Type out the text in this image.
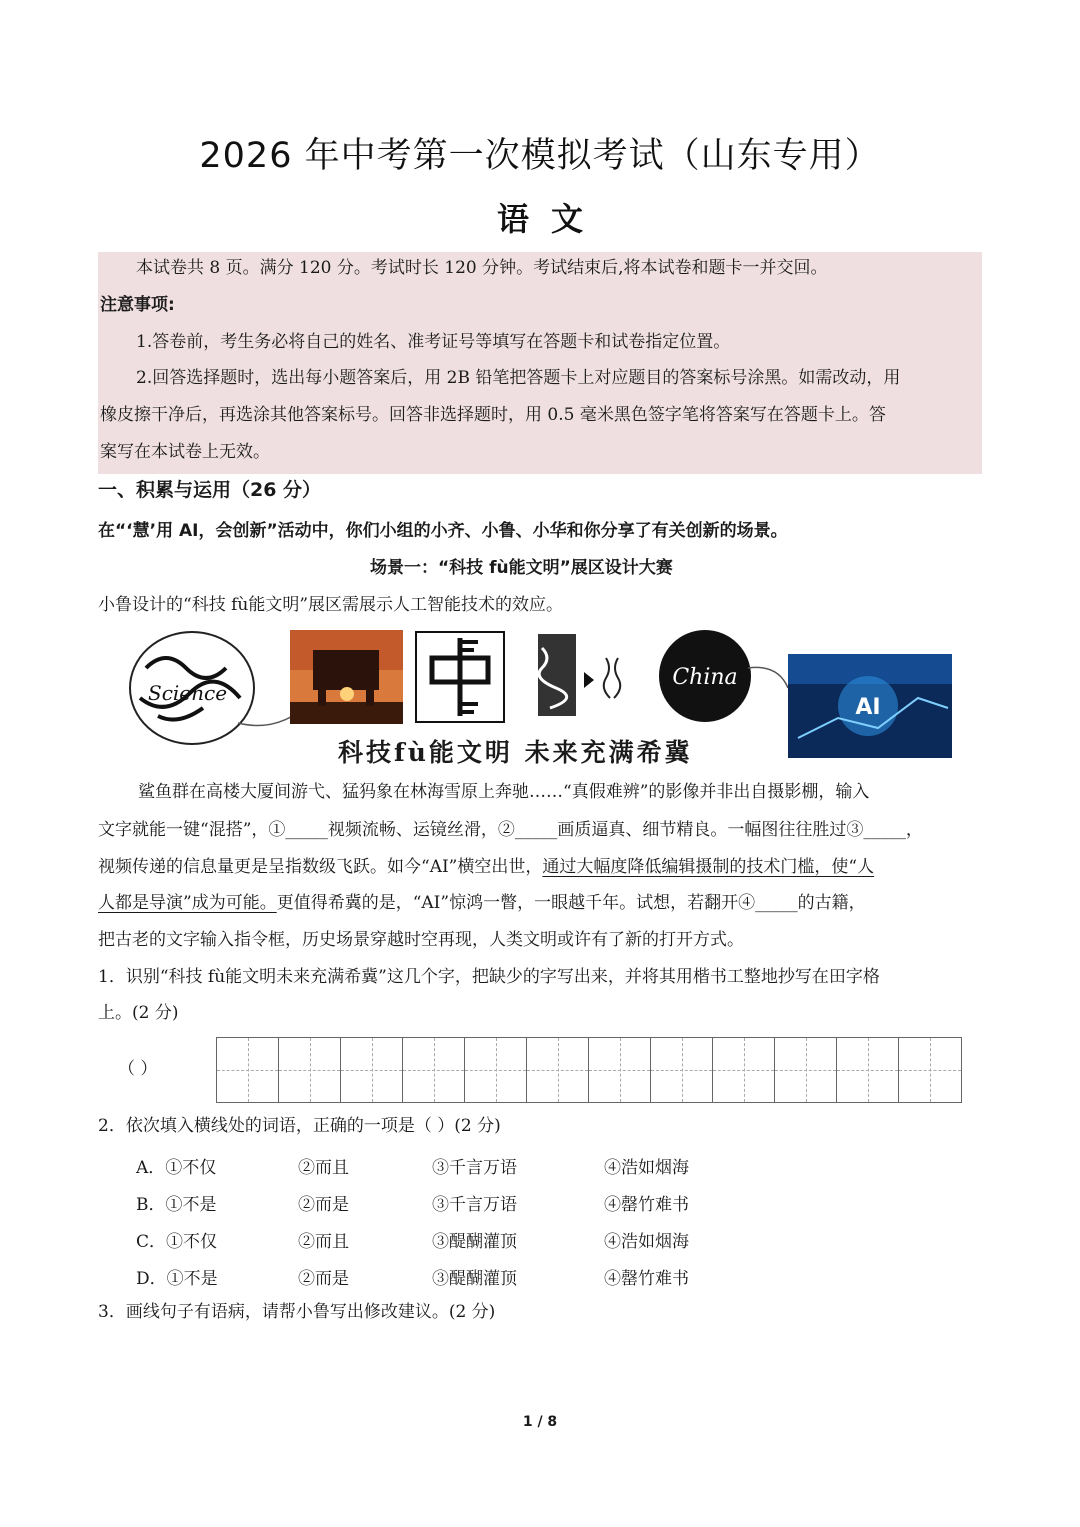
2026 年中考第一次模拟考试（山东专用）
语文
本试卷共 8 页。满分 120 分。考试时长 120 分钟。考试结束后,将本试卷和题卡一并交回。
注意事项:
1.答卷前，考生务必将自己的姓名、准考证号等填写在答题卡和试卷指定位置。
2.回答选择题时，选出每小题答案后，用 2B 铅笔把答题卡上对应题目的答案标号涂黑。如需改动，用
橡皮擦干净后，再选涂其他答案标号。回答非选择题时，用 0.5 毫米黑色签字笔将答案写在答题卡上。答
案写在本试卷上无效。
一、积累与运用（26 分）
在“‘慧’用 AI，会创新”活动中，你们小组的小齐、小鲁、小华和你分享了有关创新的场景。
场景一：“科技 fù能文明”展区设计大赛
小鲁设计的“科技 fù能文明”展区需展示人工智能技术的效应。
Science
China
AI
科技fù能文明 未来充满希冀
鲨鱼群在高楼大厦间游弋、猛犸象在林海雪原上奔驰……“真假难辨”的影像并非出自摄影棚，输入
文字就能一键“混搭”，①_____视频流畅、运镜丝滑，②_____画质逼真、细节精良。一幅图往往胜过③_____，
视频传递的信息量更是呈指数级飞跃。如今“AI”横空出世，通过大幅度降低编辑摄制的技术门槛，使“人
人都是导演”成为可能。更值得希冀的是，“AI”惊鸿一瞥，一眼越千年。试想，若翻开④_____的古籍，
把古老的文字输入指令框，历史场景穿越时空再现，人类文明或许有了新的打开方式。
1．识别“科技 fù能文明未来充满希冀”这几个字，把缺少的字写出来，并将其用楷书工整地抄写在田字格
上。(2 分)
（ ）
2．依次填入横线处的词语，正确的一项是（ ）(2 分)
A．①不仅	②而且	③千言万语	④浩如烟海
B．①不是	②而是	③千言万语	④罄竹难书
C．①不仅	②而且	③醍醐灌顶	④浩如烟海
D．①不是	②而是	③醍醐灌顶	④罄竹难书
3．画线句子有语病，请帮小鲁写出修改建议。(2 分)
1 / 8
